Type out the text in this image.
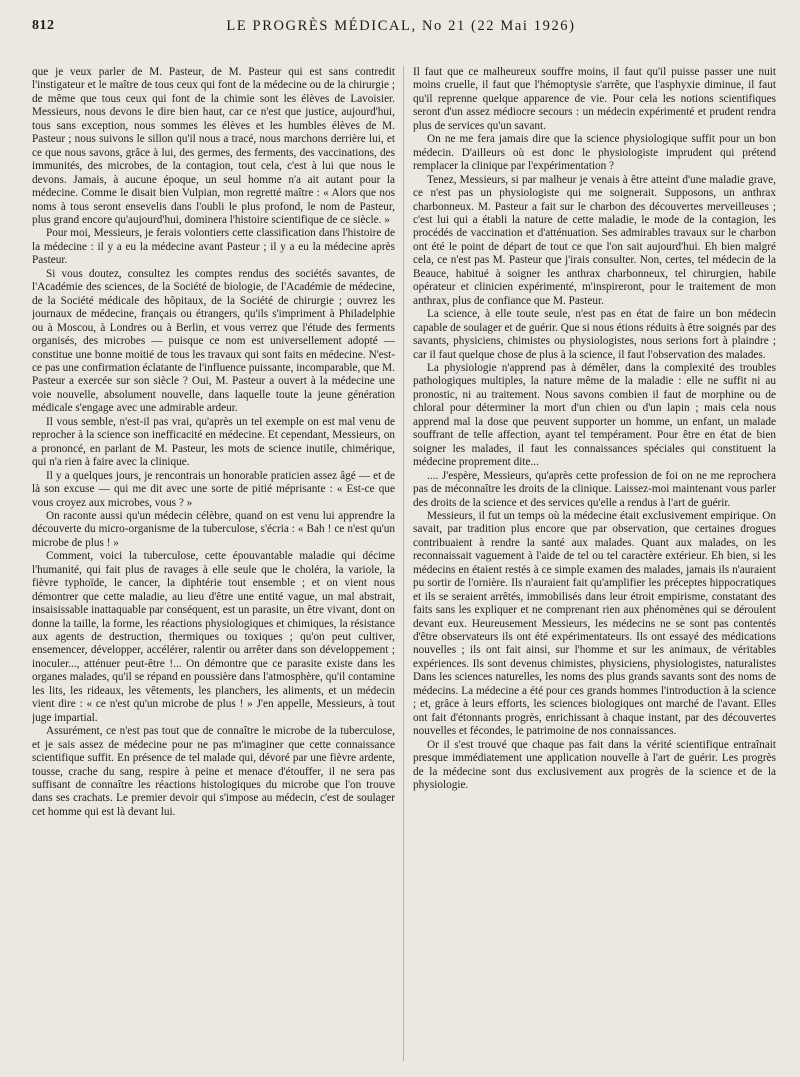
812	LE PROGRÈS MÉDICAL, No 21 (22 Mai 1926)

que je veux parler de M. Pasteur, de M. Pasteur qui est sans contredit l'instigateur et le maître de tous ceux qui font de la médecine ou de la chirurgie ; de même que tous ceux qui font de la chimie sont les élèves de Lavoisier. Messieurs, nous devons le dire bien haut, car ce n'est que justice, aujourd'hui, tous sans exception, nous sommes les élèves et les humbles élèves de M. Pasteur ; nous suivons le sillon qu'il nous a tracé, nous marchons derrière lui, et ce que nous savons, grâce à lui, des germes, des ferments, des vaccinations, des immunités, des microbes, de la contagion, tout cela, c'est à lui que nous le devons. Jamais, à aucune époque, un seul homme n'a ait autant pour la médecine. Comme le disait bien Vulpian, mon regretté maître : « Alors que nos noms à tous seront ensevelis dans l'oubli le plus profond, le nom de Pasteur, plus grand encore qu'aujourd'hui, dominera l'histoire scientifique de ce siècle. »

Pour moi, Messieurs, je ferais volontiers cette classification dans l'histoire de la médecine : il y a eu la médecine avant Pasteur ; il y a eu la médecine après Pasteur.

Si vous doutez, consultez les comptes rendus des sociétés savantes, de l'Académie des sciences, de la Société de biologie, de l'Académie de médecine, de la Société médicale des hôpitaux, de la Société de chirurgie ; ouvrez les journaux de médecine, français ou étrangers, qu'ils s'impriment à Philadelphie ou à Moscou, à Londres ou à Berlin, et vous verrez que l'étude des ferments organisés, des microbes — puisque ce nom est universellement adopté — constitue une bonne moitié de tous les travaux qui sont faits en médecine. N'est-ce pas une confirmation éclatante de l'influence puissante, incomparable, que M. Pasteur a exercée sur son siècle ? Oui, M. Pasteur a ouvert à la médecine une voie nouvelle, absolument nouvelle, dans laquelle toute la jeune génération médicale s'engage avec une admirable ardeur.

Il vous semble, n'est-il pas vrai, qu'après un tel exemple on est mal venu de reprocher à la science son inefficacité en médecine. Et cependant, Messieurs, on a prononcé, en parlant de M. Pasteur, les mots de science inutile, chimérique, qui n'a rien à faire avec la clinique.

Il y a quelques jours, je rencontrais un honorable praticien assez âgé — et de là son excuse — qui me dit avec une sorte de pitié méprisante : « Est-ce que vous croyez aux microbes, vous ? »

On raconte aussi qu'un médecin célèbre, quand on est venu lui apprendre la découverte du micro-organisme de la tuberculose, s'écria : « Bah ! ce n'est qu'un microbe de plus ! »

Comment, voici la tuberculose, cette épouvantable maladie qui décime l'humanité, qui fait plus de ravages à elle seule que le choléra, la variole, la fièvre typhoïde, le cancer, la diphtérie tout ensemble ; et on vient nous démontrer que cette maladie, au lieu d'être une entité vague, un mal abstrait, insaisissable inattaquable par conséquent, est un parasite, un être vivant, dont on donne la taille, la forme, les réactions physiologiques et chimiques, la résistance aux agents de destruction, thermiques ou toxiques ; qu'on peut cultiver, ensemencer, développer, accélérer, ralentir ou arrêter dans son développement ; inoculer..., atténuer peut-être !... On démontre que ce parasite existe dans les organes malades, qu'il se répand en poussière dans l'atmosphère, qu'il contamine les lits, les rideaux, les vêtements, les planchers, les aliments, et un médecin vient dire : « ce n'est qu'un microbe de plus ! » J'en appelle, Messieurs, à tout juge impartial.

Assurément, ce n'est pas tout que de connaître le microbe de la tuberculose, et je sais assez de médecine pour ne pas m'imaginer que cette connaissance scientifique suffit. En présence de tel malade qui, dévoré par une fièvre ardente, tousse, crache du sang, respire à peine et menace d'étouffer, il ne sera pas suffisant de connaître les réactions histologiques du microbe que l'on trouve dans ses crachats. Le premier devoir qui s'impose au médecin, c'est de soulager cet homme qui est là devant lui.

Il faut que ce malheureux souffre moins, il faut qu'il puisse passer une nuit moins cruelle, il faut que l'hémoptysie s'arrête, que l'asphyxie diminue, il faut qu'il reprenne quelque apparence de vie. Pour cela les notions scientifiques seront d'un assez médiocre secours : un médecin expérimenté et prudent rendra plus de services qu'un savant.

On ne me fera jamais dire que la science physiologique suffit pour un bon médecin. D'ailleurs où est donc le physiologiste imprudent qui prétend remplacer la clinique par l'expérimentation ?

Tenez, Messieurs, si par malheur je venais à être atteint d'une maladie grave, ce n'est pas un physiologiste qui me soignerait. Supposons, un anthrax charbonneux. M. Pasteur a fait sur le charbon des découvertes merveilleuses ; c'est lui qui a établi la nature de cette maladie, le mode de la contagion, les procédés de vaccination et d'atténuation. Ses admirables travaux sur le charbon ont été le point de départ de tout ce que l'on sait aujourd'hui. Eh bien malgré cela, ce n'est pas M. Pasteur que j'irais consulter. Non, certes, tel médecin de la Beauce, habitué à soigner les anthrax charbonneux, tel chirurgien, habile opérateur et clinicien expérimenté, m'inspireront, pour le traitement de mon anthrax, plus de confiance que M. Pasteur.

La science, à elle toute seule, n'est pas en état de faire un bon médecin capable de soulager et de guérir. Que si nous étions réduits à être soignés par des savants, physiciens, chimistes ou physiologistes, nous serions fort à plaindre ; car il faut quelque chose de plus à la science, il faut l'observation des malades.

La physiologie n'apprend pas à démêler, dans la complexité des troubles pathologiques multiples, la nature même de la maladie : elle ne suffit ni au pronostic, ni au traitement. Nous savons combien il faut de morphine ou de chloral pour déterminer la mort d'un chien ou d'un lapin ; mais cela nous apprend mal la dose que peuvent supporter un homme, un enfant, un malade souffrant de telle affection, ayant tel tempérament. Pour être en état de bien soigner les malades, il faut les connaissances spéciales qui constituent la médecine proprement dite...

.... J'espère, Messieurs, qu'après cette profession de foi on ne me reprochera pas de méconnaître les droits de la clinique. Laissez-moi maintenant vous parler des droits de la science et des services qu'elle a rendus à l'art de guérir.

Messieurs, il fut un temps où la médecine était exclusivement empirique. On savait, par tradition plus encore que par observation, que certaines drogues contribuaient à rendre la santé aux malades. Quant aux malades, on les reconnaissait vaguement à l'aide de tel ou tel caractère extérieur. Eh bien, si les médecins en étaient restés à ce simple examen des malades, jamais ils n'auraient pu sortir de l'ornière. Ils n'auraient fait qu'amplifier les préceptes hippocratiques et ils se seraient arrêtés, immobilisés dans leur étroit empirisme, constatant des faits sans les expliquer et ne comprenant rien aux phénomènes qui se déroulent devant eux. Heureusement Messieurs, les médecins ne se sont pas contentés d'être observateurs ils ont été expérimentateurs. Ils ont essayé des médications nouvelles ; ils ont fait ainsi, sur l'homme et sur les animaux, de véritables expériences. Ils sont devenus chimistes, physiciens, physiologistes, naturalistes Dans les sciences naturelles, les noms des plus grands savants sont des noms de médecins. La médecine a été pour ces grands hommes l'introduction à la science ; et, grâce à leurs efforts, les sciences biologiques ont marché de l'avant. Elles ont fait d'étonnants progrès, enrichissant à chaque instant, par des découvertes nouvelles et fécondes, le patrimoine de nos connaissances.

Or il s'est trouvé que chaque pas fait dans la vérité scientifique entraînait presque immédiatement une application nouvelle à l'art de guérir. Les progrès de la médecine sont dus exclusivement aux progrès de la science et de la physiologie.
